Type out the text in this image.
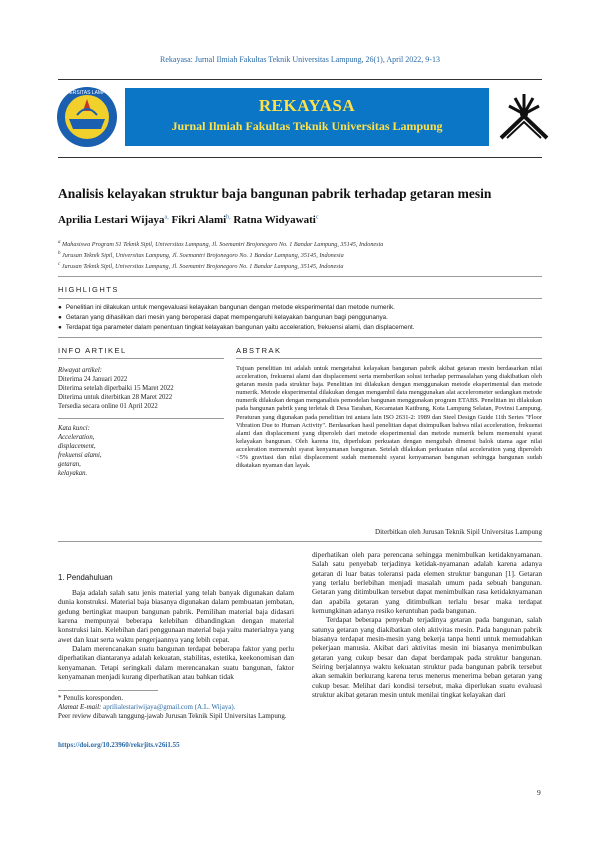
Rekayasa: Jurnal Ilmiah Fakultas Teknik Universitas Lampung, 26(1), April 2022, 9-13
UNIVERSITAS LAMPUNG
REKAYASA
Jurnal Ilmiah Fakultas Teknik Universitas Lampung
Analisis kelayakan struktur baja bangunan pabrik terhadap getaran mesin
Aprilia Lestari Wijaya$^{a,}$ Fikri Alami$^{b,}$ Ratna Widyawati$^c$
$^a$ Mahasiswa Program S1 Teknik Sipil, Universitas Lampung, Jl. Soemantri Brojonegoro No. 1 Bandar Lampung, 35145, Indonesia
$^b$ Jurusan Teknik Sipil, Universitas Lampung, Jl. Soemantri Brojonegoro No. 1 Bandar Lampung, 35145, Indonesia
$^c$ Jurusan Teknik Sipil, Universitas Lampung, Jl. Soemantri Brojonegoro No. 1 Bandar Lampung, 35145, Indonesia
HIGHLIGHTS
● Penelitian ini dilakukan untuk mengevaluasi kelayakan bangunan dengan metode eksperimental dan metode numerik.
● Getaran yang dihasilkan dari mesin yang beroperasi dapat mempengaruhi kelayakan bangunan bagi penggunanya.
● Terdapat tiga parameter dalam penentuan tingkat kelayakan bangunan yaitu acceleration, frekuensi alami, dan displacement.
INFO ARTIKEL	ABSTRAK
Riwayat artikel:
Diterima 24 Januari 2022
Diterima setelah diperbaiki 15 Maret 2022
Diterima untuk diterbitkan 28 Maret 2022
Tersedia secara online 01 April 2022
Kata kunci:
Acceleration,
displacement,
frekuensi alami,
getaran,
kelayakan.
Tujuan penelitian ini adalah untuk mengetahui kelayakan bangunan pabrik akibat getaran mesin berdasarkan nilai acceleration, frekuensi alami dan displacement serta memberikan solusi terhadap permasalahan yang diakibatkan oleh getaran mesin pada struktur baja. Penelitian ini dilakukan dengan menggunakan metode eksperimental dan metode numerik. Metode eksperimental dilakukan dengan mengambil data menggunakan alat accelerometer sedangkan metode numerik dilakukan dengan menganalisis pemodelan bangunan menggunakan program ETABS. Penelitian ini dilakukan pada bangunan pabrik yang terletak di Desa Tarahan, Kecamatan Katibung, Kota Lampung Selatan, Povinsi Lampung. Peraturan yang digunakan pada penelitian ini antara lain ISO 2631-2: 1989 dan Steel Design Guide 11th Series "Floor Vibration Due to Human Activity". Berdasarkan hasil penelitian dapat disimpulkan bahwa nilai acceleration, frekuensi alami dan displacement yang diperoleh dari metode eksperimental dan metode numerik belum memenuhi syarat kelayakan bangunan. Oleh karena itu, diperlukan perkuatan dengan mengubah dimensi balok utama agar nilai acceleration memenuhi syarat kenyamanan bangunan. Setelah dilakukan perkuatan nilai acceleration yang diperoleh <5% gravitasi dan nilai displacement sudah memenuhi syarat kenyamanan bangunan sehingga bangunan sudah dikatakan nyaman dan layak.
Diterbitkan oleh Jurusan Teknik Sipil Universitas Lampung
1. Pendahuluan
Baja adalah salah satu jenis material yang telah banyak digunakan dalam dunia konstruksi. Material baja biasanya digunakan dalam pembuatan jembatan, gedung bertingkat maupun bangunan pabrik. Pemilihan material baja didasari karena mempunyai beberapa kelebihan dibandingkan dengan material konstruksi lain. Kelebihan dari penggunaan material baja yaitu materialnya yang awet dan kuat serta waktu pengerjaannya yang lebih cepat.
Dalam merencanakan suatu bangunan terdapat beberapa faktor yang perlu diperhatikan diantaranya adalah kekuatan, stabilitas, estetika, keekonomisan dan kenyamanan. Tetapi seringkali dalam merencanakan suatu bangunan, faktor kenyamanan menjadi kurang diperhatikan atau bahkan tidak
diperhatikan oleh para perencana sehingga menimbulkan ketidaknyamanan. Salah satu penyebab terjadinya ketidak-nyamanan adalah karena adanya getaran di luar batas toleransi pada elemen struktur bangunan [1]. Getaran yang terlalu berlebihan menjadi masalah umum pada sebuah bangunan. Getaran yang ditimbulkan tersebut dapat menimbulkan rasa ketidaknyamanan dan apabila getaran yang ditimbulkan terlalu besar maka terdapat kemungkinan adanya resiko keruntuhan pada bangunan.
Terdapat beberapa penyebab terjadinya getaran pada bangunan, salah satunya getaran yang diakibatkan oleh aktivitas mesin. Pada bangunan pabrik biasanya terdapat mesin-mesin yang bekerja tanpa henti untuk memudahkan pekerjaan manusia. Akibat dari aktivitas mesin ini biasanya menimbulkan getaran yang cukup besar dan dapat berdampak pada struktur bangunan. Seiring berjalannya waktu kekuatan struktur pada bangunan pabrik tersebut akan semakin berkurang karena terus menerus menerima beban getaran yang cukup besar. Melihat dari kondisi tersebut, maka diperlukan suatu evaluasi struktur akibat getaran mesin untuk menilai tingkat kelayakan dari
* Penulis koresponden.
Alamat E-mail: aprilialestariwijaya@gmail.com (A.L. Wijaya).
Peer review dibawah tanggung-jawab Jurusan Teknik Sipil Universitas Lampung.
https://doi.org/10.23960/rekrjits.v26i1.55
9
